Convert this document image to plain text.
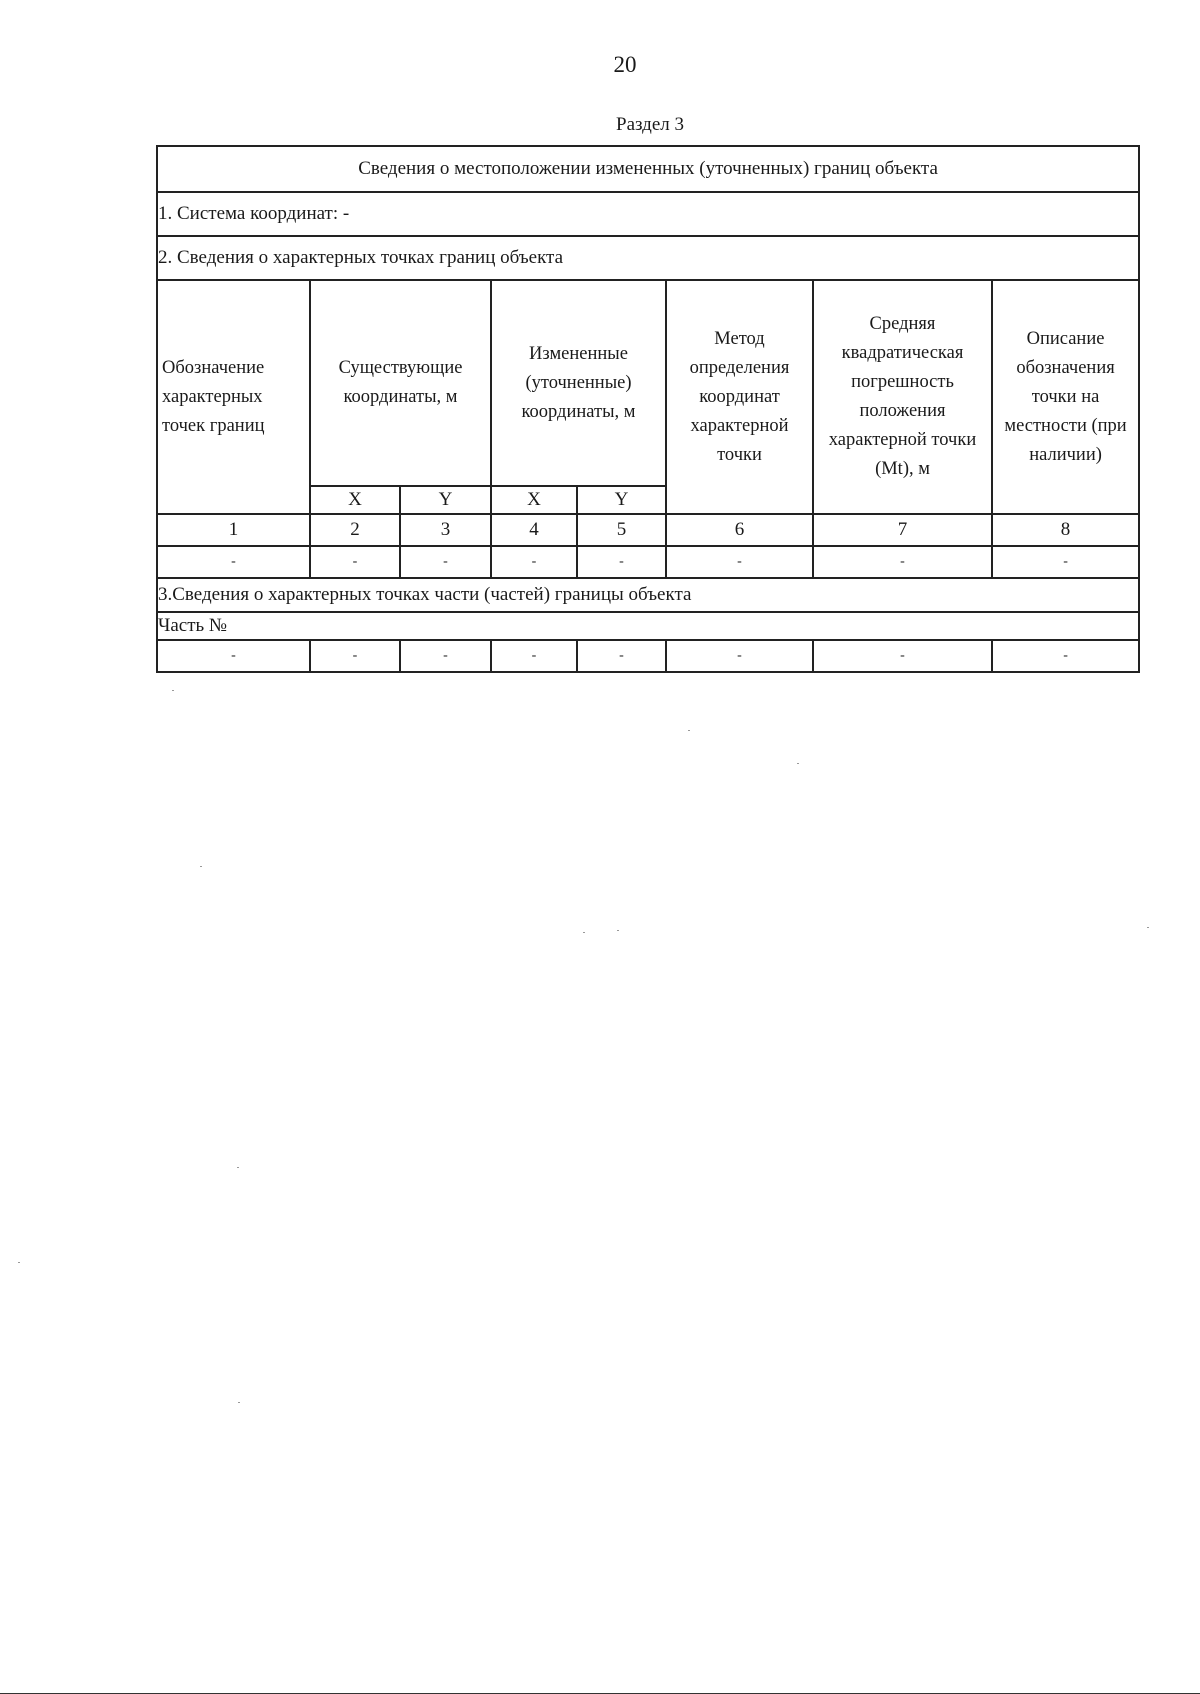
20
Раздел 3
Сведения о местоположении измененных (уточненных) границ объекта							
1. Система координат: -							
2. Сведения о характерных точках границ объекта							
Обозначение характерных точек границ	Существующие координаты, м		Измененные (уточненные) координаты, м		Метод определения координат характерной точки	Средняя квадратическая погрешность положения характерной точки (Mt), м	Описание обозначения точки на местности (при наличии)
	X	Y	X	Y			
1	2	3	4	5	6	7	8
-	-	-	-	-	-	-	-
3.Сведения о характерных точках части (частей) границы объекта							
Часть №							
-	-	-	-	-	-	-	-
